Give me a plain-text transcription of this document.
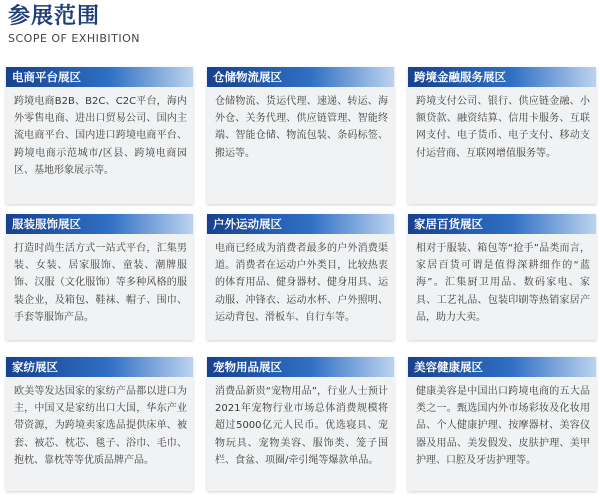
参展范围
SCOPE OF EXHIBITION
电商平台展区
跨境电商B2B、B2C、C2C平台，海内外零售电商、进出口贸易公司、国内主流电商平台、国内进口跨境电商平台、跨境电商示范城市/区县、跨境电商园区、基地形象展示等。
仓储物流展区
仓储物流、货运代理、速递、转运、海外仓、关务代理、供应链管理、智能终端、智能仓储、物流包装、条码标签、搬运等。
跨境金融服务展区
跨境支付公司、银行、供应链金融、小额贷款、融资结算、信用卡服务、互联网支付、电子货币、电子支付、移动支付运营商、互联网增值服务等。
服装服饰展区
打造时尚生活方式一站式平台，汇集男装、女装、居家服饰、童装、潮牌服饰、汉服（文化服饰）等多种风格的服装企业，及箱包、鞋袜、帽子、围巾、手套等服饰产品。
户外运动展区
电商已经成为消费者最多的户外消费渠道。消费者在运动户外类目，比较热衷的体育用品、健身器材、健身用具、运动服、冲锋衣、运动水杯、户外照明、运动背包、滑板车、自行车等。
家居百货展区
相对于服装、箱包等“抢手”品类而言，家居百货可谓是值得深耕细作的“蓝海”。汇集厨卫用品、数码家电、家具、工艺礼品、包装印刷等热销家居产品，助力大卖。
家纺展区
欧美等发达国家的家纺产品都以进口为主，中国又是家纺出口大国，华东产业带资源，为跨境卖家选品提供床单、被套、被芯、枕芯、毯子、浴巾、毛巾、抱枕、靠枕等等优质品牌产品。
宠物用品展区
消费品新贵“宠物用品”，行业人士预计2021年宠物行业市场总体消费规模将超过5000亿元人民币。优选寝具、宠物玩具、宠物美容、服饰类、笼子围栏、食盆、项圈/牵引绳等爆款单品。
美容健康展区
健康美容是中国出口跨境电商的五大品类之一。甄选国内外市场彩妆及化妆用品、个人健康护理、按摩器材、美容仪器及用品、美发假发、皮肤护理、美甲护理、口腔及牙齿护理等。
